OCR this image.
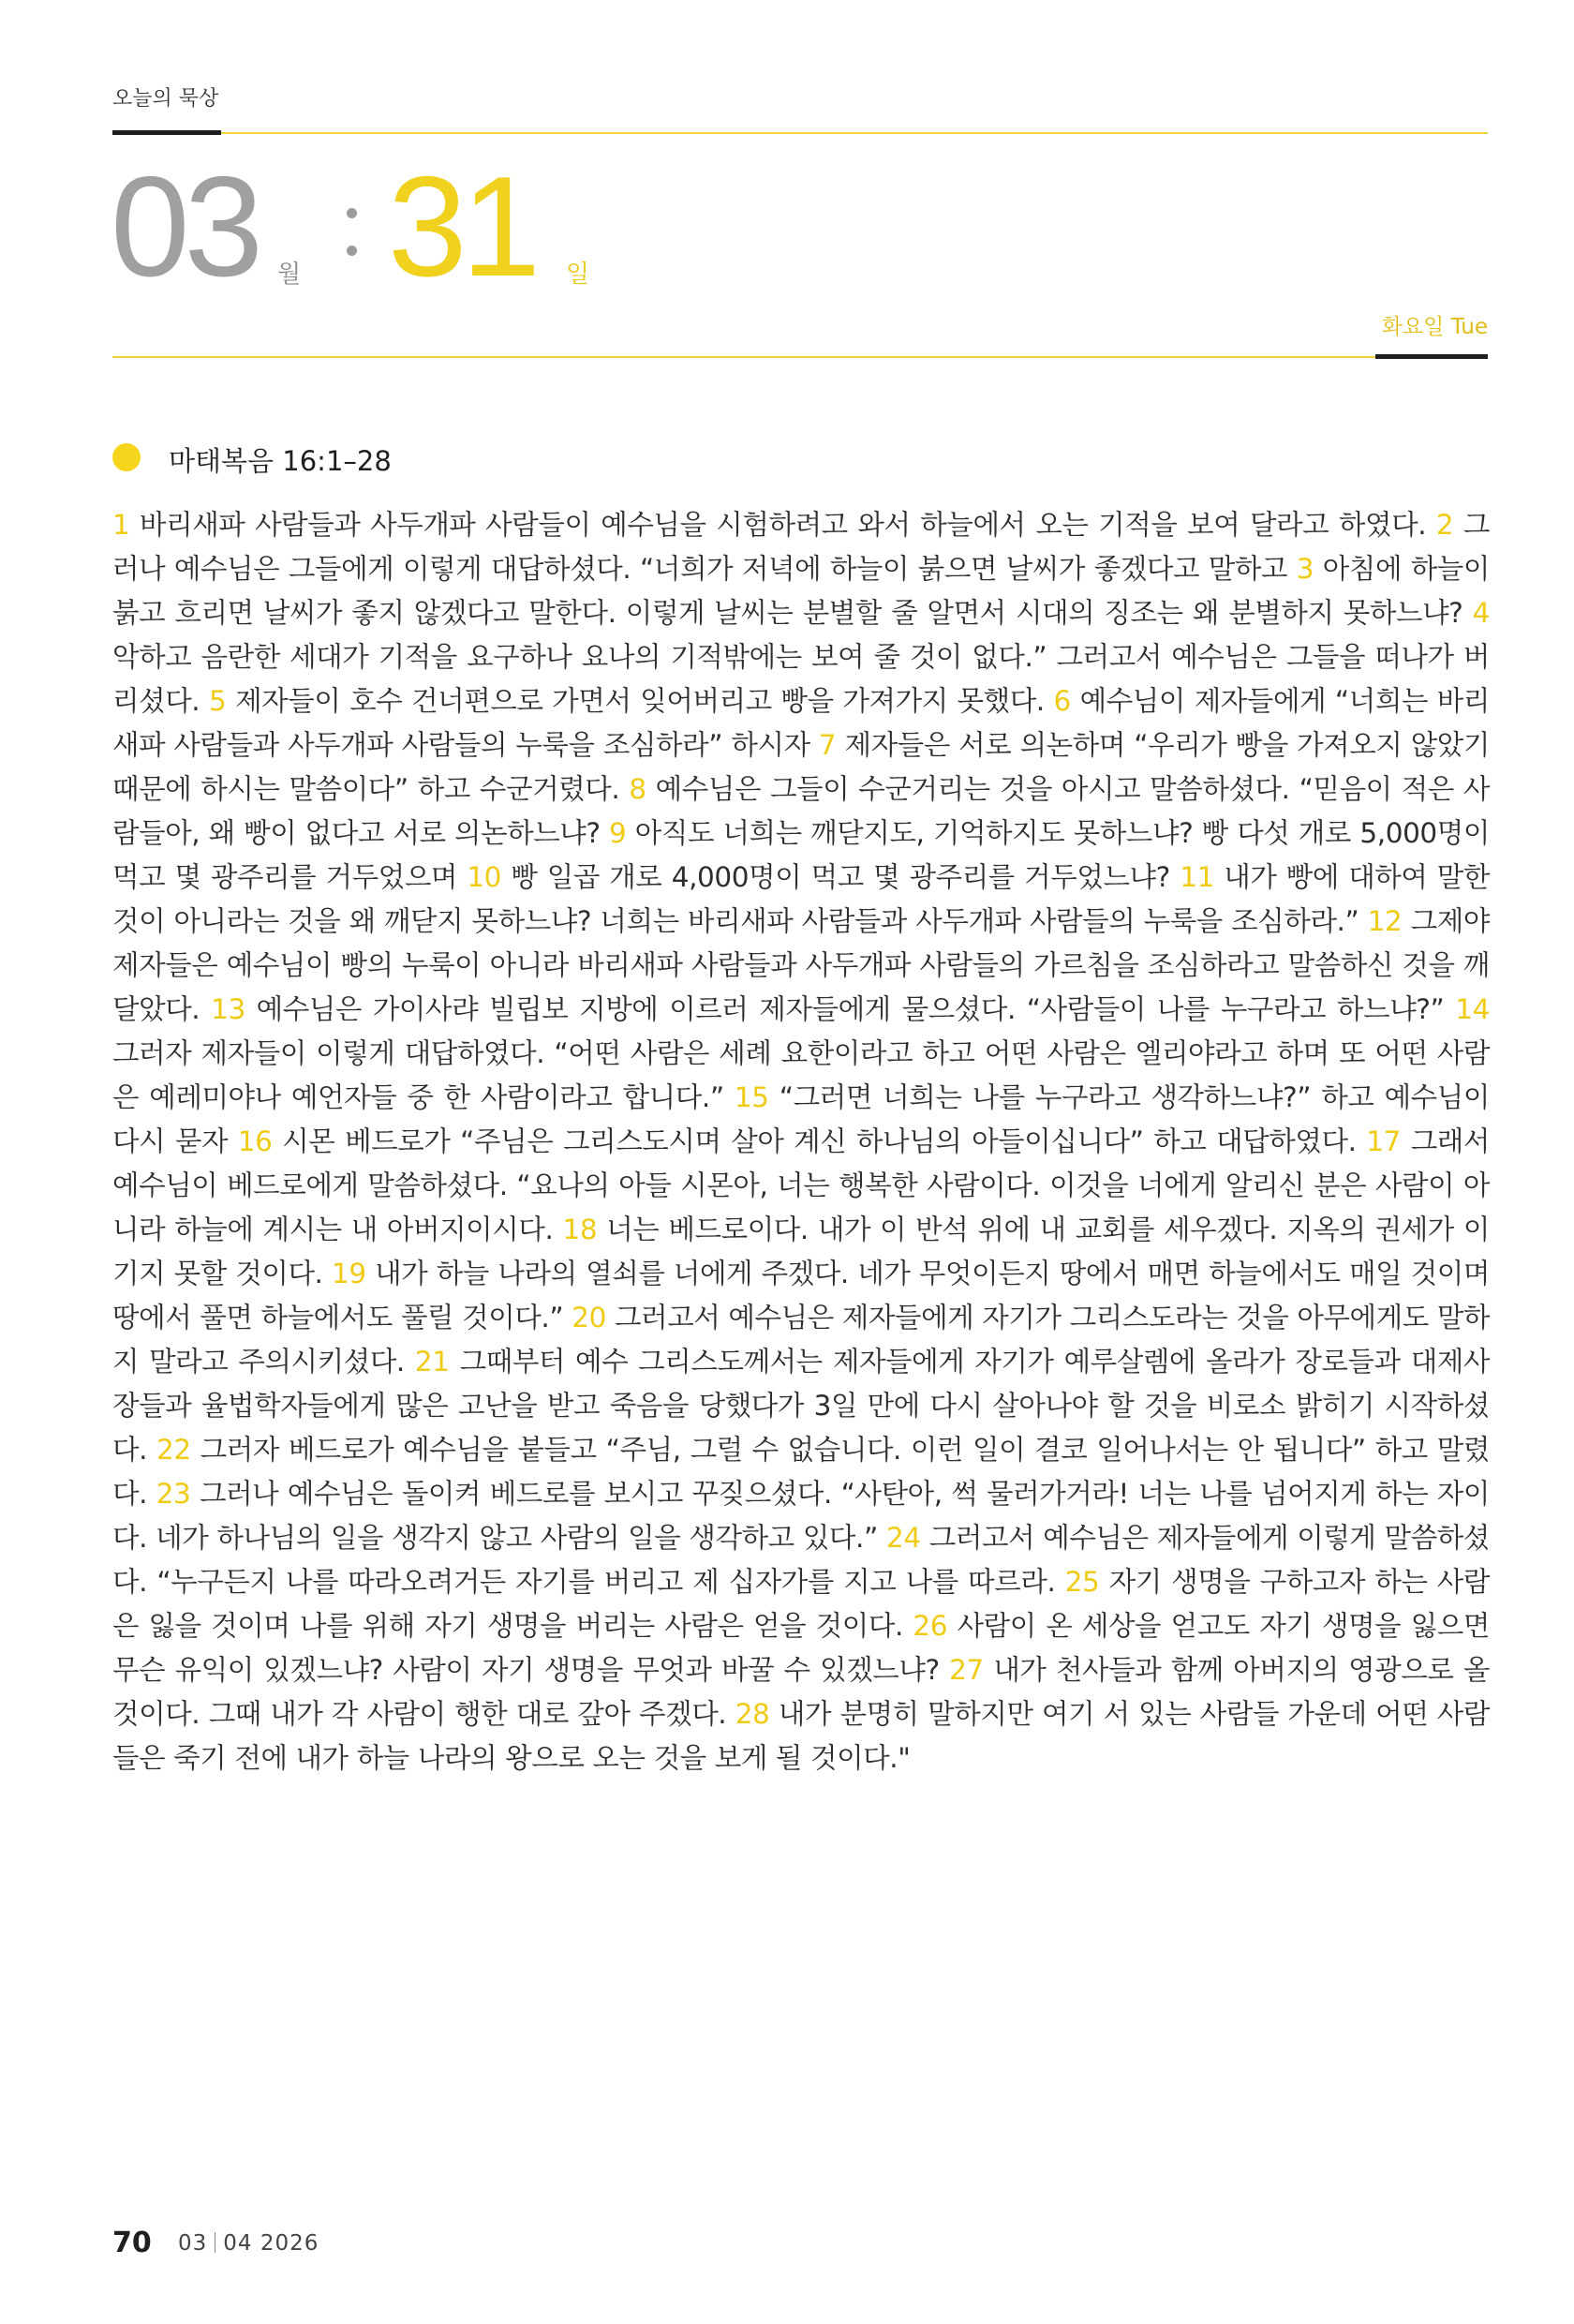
오늘의 묵상
03 월 31 일
화요일 Tue
마태복음 16:1–28
1 바리새파 사람들과 사두개파 사람들이 예수님을 시험하려고 와서 하늘에서 오는 기적을 보여 달라고 하였다. 2 그러나 예수님은 그들에게 이렇게 대답하셨다. “너희가 저녁에 하늘이 붉으면 날씨가 좋겠다고 말하고 3 아침에 하늘이 붉고 흐리면 날씨가 좋지 않겠다고 말한다. 이렇게 날씨는 분별할 줄 알면서 시대의 징조는 왜 분별하지 못하느냐? 4 악하고 음란한 세대가 기적을 요구하나 요나의 기적밖에는 보여 줄 것이 없다.” 그러고서 예수님은 그들을 떠나가 버리셨다. 5 제자들이 호수 건너편으로 가면서 잊어버리고 빵을 가져가지 못했다. 6 예수님이 제자들에게 “너희는 바리새파 사람들과 사두개파 사람들의 누룩을 조심하라” 하시자 7 제자들은 서로 의논하며 “우리가 빵을 가져오지 않았기 때문에 하시는 말씀이다” 하고 수군거렸다. 8 예수님은 그들이 수군거리는 것을 아시고 말씀하셨다. “믿음이 적은 사람들아, 왜 빵이 없다고 서로 의논하느냐? 9 아직도 너희는 깨닫지도, 기억하지도 못하느냐? 빵 다섯 개로 5,000명이 먹고 몇 광주리를 거두었으며 10 빵 일곱 개로 4,000명이 먹고 몇 광주리를 거두었느냐? 11 내가 빵에 대하여 말한 것이 아니라는 것을 왜 깨닫지 못하느냐? 너희는 바리새파 사람들과 사두개파 사람들의 누룩을 조심하라.” 12 그제야 제자들은 예수님이 빵의 누룩이 아니라 바리새파 사람들과 사두개파 사람들의 가르침을 조심하라고 말씀하신 것을 깨달았다. 13 예수님은 가이사랴 빌립보 지방에 이르러 제자들에게 물으셨다. “사람들이 나를 누구라고 하느냐?” 14 그러자 제자들이 이렇게 대답하였다. “어떤 사람은 세례 요한이라고 하고 어떤 사람은 엘리야라고 하며 또 어떤 사람은 예레미야나 예언자들 중 한 사람이라고 합니다.” 15 “그러면 너희는 나를 누구라고 생각하느냐?” 하고 예수님이 다시 묻자 16 시몬 베드로가 “주님은 그리스도시며 살아 계신 하나님의 아들이십니다” 하고 대답하였다. 17 그래서 예수님이 베드로에게 말씀하셨다. “요나의 아들 시몬아, 너는 행복한 사람이다. 이것을 너에게 알리신 분은 사람이 아니라 하늘에 계시는 내 아버지이시다. 18 너는 베드로이다. 내가 이 반석 위에 내 교회를 세우겠다. 지옥의 권세가 이기지 못할 것이다. 19 내가 하늘 나라의 열쇠를 너에게 주겠다. 네가 무엇이든지 땅에서 매면 하늘에서도 매일 것이며 땅에서 풀면 하늘에서도 풀릴 것이다.” 20 그러고서 예수님은 제자들에게 자기가 그리스도라는 것을 아무에게도 말하지 말라고 주의시키셨다. 21 그때부터 예수 그리스도께서는 제자들에게 자기가 예루살렘에 올라가 장로들과 대제사장들과 율법학자들에게 많은 고난을 받고 죽음을 당했다가 3일 만에 다시 살아나야 할 것을 비로소 밝히기 시작하셨다. 22 그러자 베드로가 예수님을 붙들고 “주님, 그럴 수 없습니다. 이런 일이 결코 일어나서는 안 됩니다” 하고 말렸다. 23 그러나 예수님은 돌이켜 베드로를 보시고 꾸짖으셨다. “사탄아, 썩 물러가거라! 너는 나를 넘어지게 하는 자이다. 네가 하나님의 일을 생각지 않고 사람의 일을 생각하고 있다.” 24 그러고서 예수님은 제자들에게 이렇게 말씀하셨다. “누구든지 나를 따라오려거든 자기를 버리고 제 십자가를 지고 나를 따르라. 25 자기 생명을 구하고자 하는 사람은 잃을 것이며 나를 위해 자기 생명을 버리는 사람은 얻을 것이다. 26 사람이 온 세상을 얻고도 자기 생명을 잃으면 무슨 유익이 있겠느냐? 사람이 자기 생명을 무엇과 바꿀 수 있겠느냐? 27 내가 천사들과 함께 아버지의 영광으로 올 것이다. 그때 내가 각 사람이 행한 대로 갚아 주겠다. 28 내가 분명히 말하지만 여기 서 있는 사람들 가운데 어떤 사람들은 죽기 전에 내가 하늘 나라의 왕으로 오는 것을 보게 될 것이다."
70 03 04 2026
